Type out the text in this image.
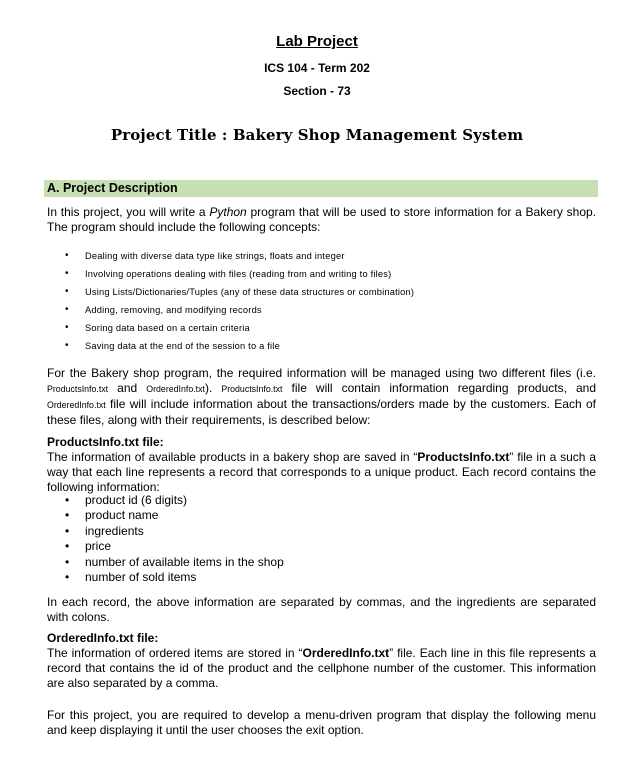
Lab Project
ICS 104 - Term 202
Section - 73
Project Title : Bakery Shop Management System
A. Project Description
In this project, you will write a Python program that will be used to store information for a Bakery shop. The program should include the following concepts:
• Dealing with diverse data type like strings, floats and integer
• Involving operations dealing with files (reading from and writing to files)
• Using Lists/Dictionaries/Tuples (any of these data structures or combination)
• Adding, removing, and modifying records
• Soring data based on a certain criteria
• Saving data at the end of the session to a file
For the Bakery shop program, the required information will be managed using two different files (i.e. ProductsInfo.txt and OrderedInfo.txt). ProductsInfo.txt file will contain information regarding products, and OrderedInfo.txt file will include information about the transactions/orders made by the customers. Each of these files, along with their requirements, is described below:
ProductsInfo.txt file:
The information of available products in a bakery shop are saved in “ProductsInfo.txt” file in a such a way that each line represents a record that corresponds to a unique product. Each record contains the following information:
• product id (6 digits)
• product name
• ingredients
• price
• number of available items in the shop
• number of sold items
In each record, the above information are separated by commas, and the ingredients are separated with colons.
OrderedInfo.txt file:
The information of ordered items are stored in “OrderedInfo.txt” file. Each line in this file represents a record that contains the id of the product and the cellphone number of the customer. This information are also separated by a comma.
For this project, you are required to develop a menu-driven program that display the following menu and keep displaying it until the user chooses the exit option.
